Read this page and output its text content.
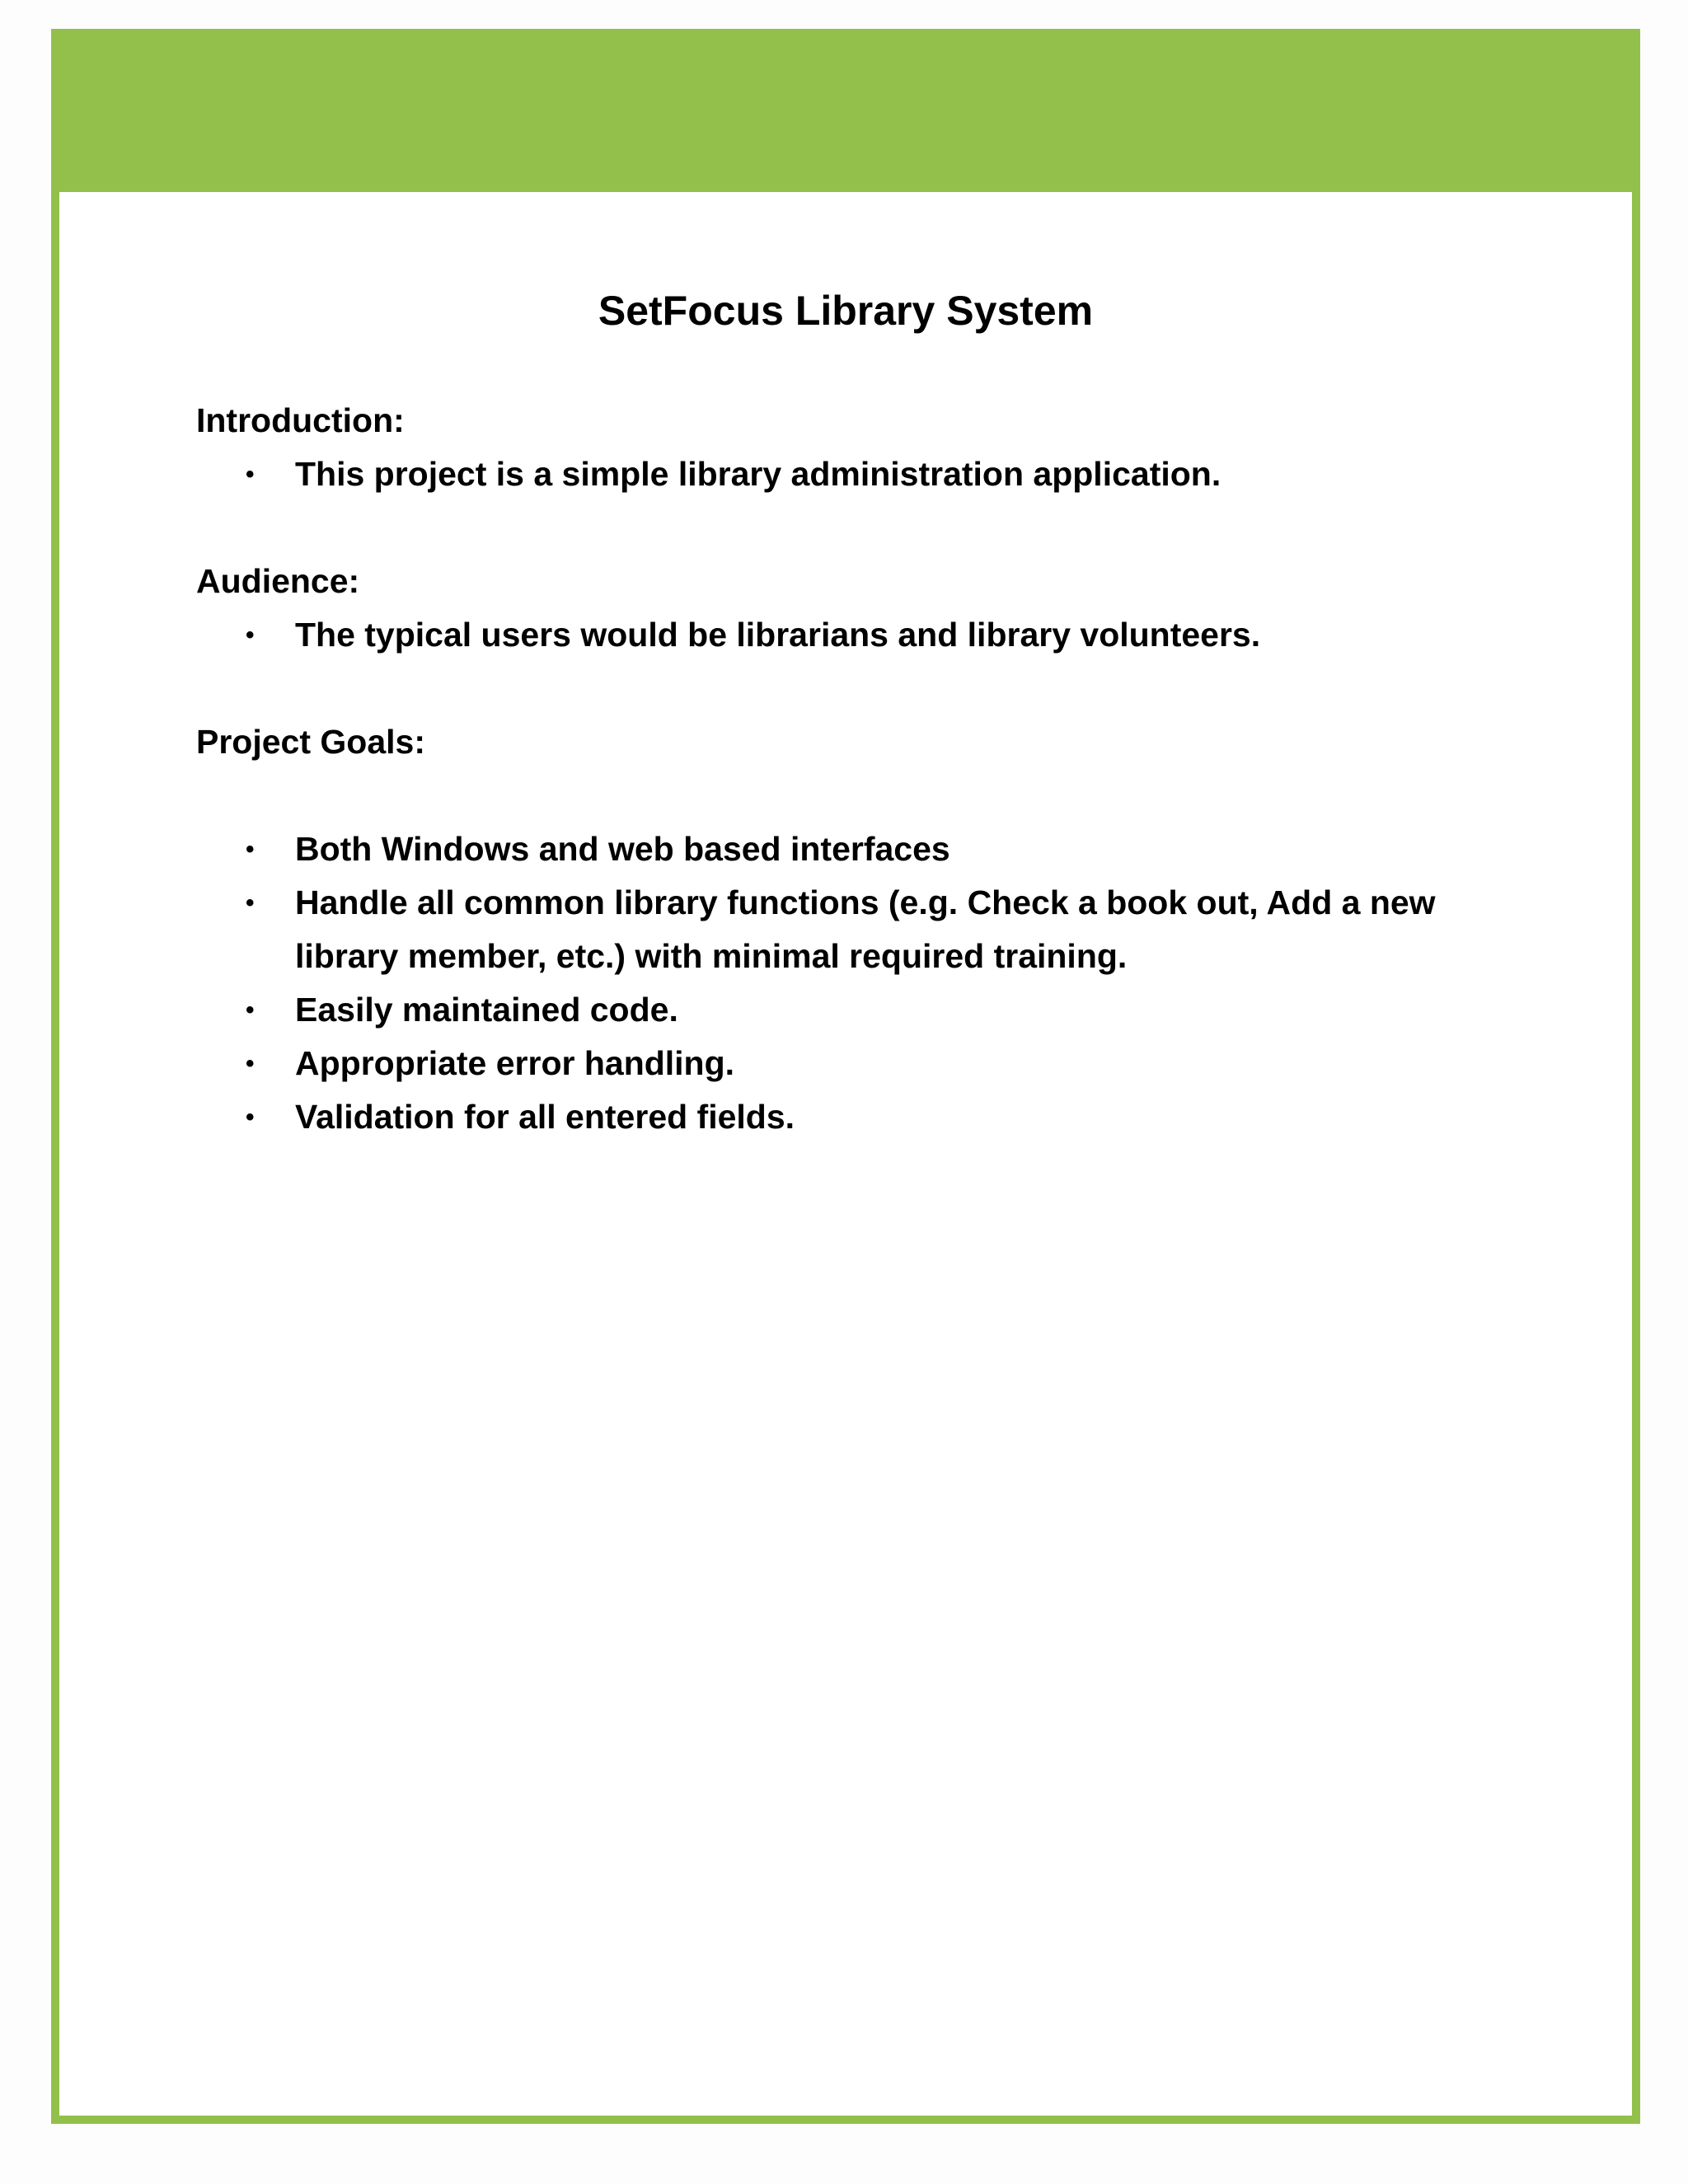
SetFocus Library System
Introduction:
• This project is a simple library administration application.
Audience:
• The typical users would be librarians and library volunteers.
Project Goals:
• Both Windows and web based interfaces
• Handle all common library functions (e.g. Check a book out, Add a new library member, etc.) with minimal required training.
• Easily maintained code.
• Appropriate error handling.
• Validation for all entered fields.
